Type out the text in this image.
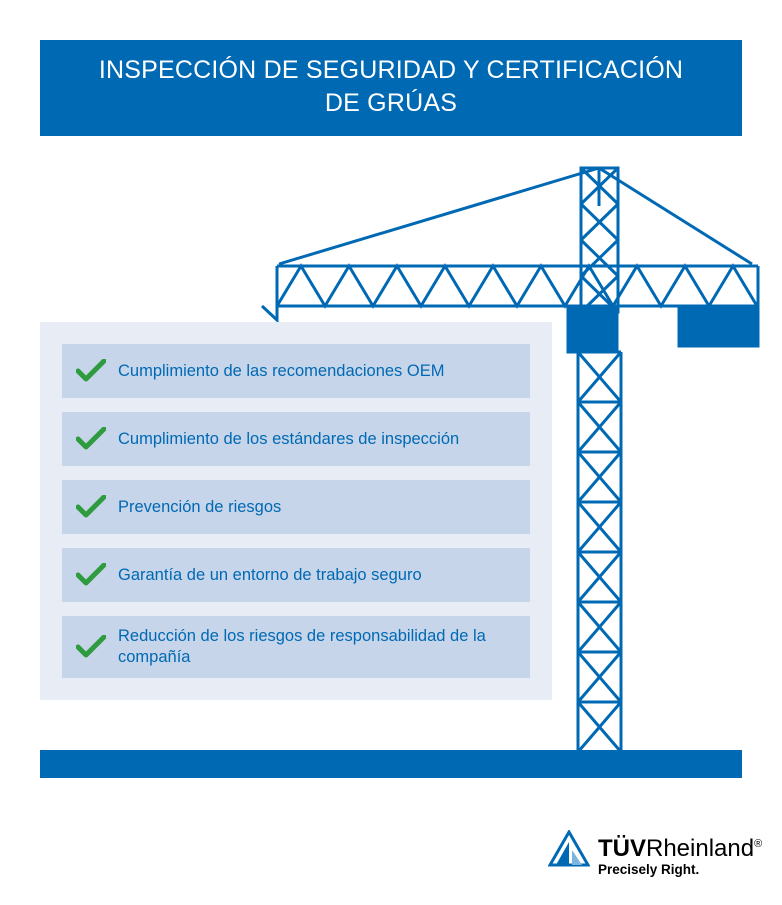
INSPECCIÓN DE SEGURIDAD Y CERTIFICACIÓN
DE GRÚAS
Cumplimiento de las recomendaciones OEM
Cumplimiento de los estándares de inspección
Prevención de riesgos
Garantía de un entorno de trabajo seguro
Reducción de los riesgos de responsabilidad de la compañía
TÜVRheinland®
Precisely Right.
